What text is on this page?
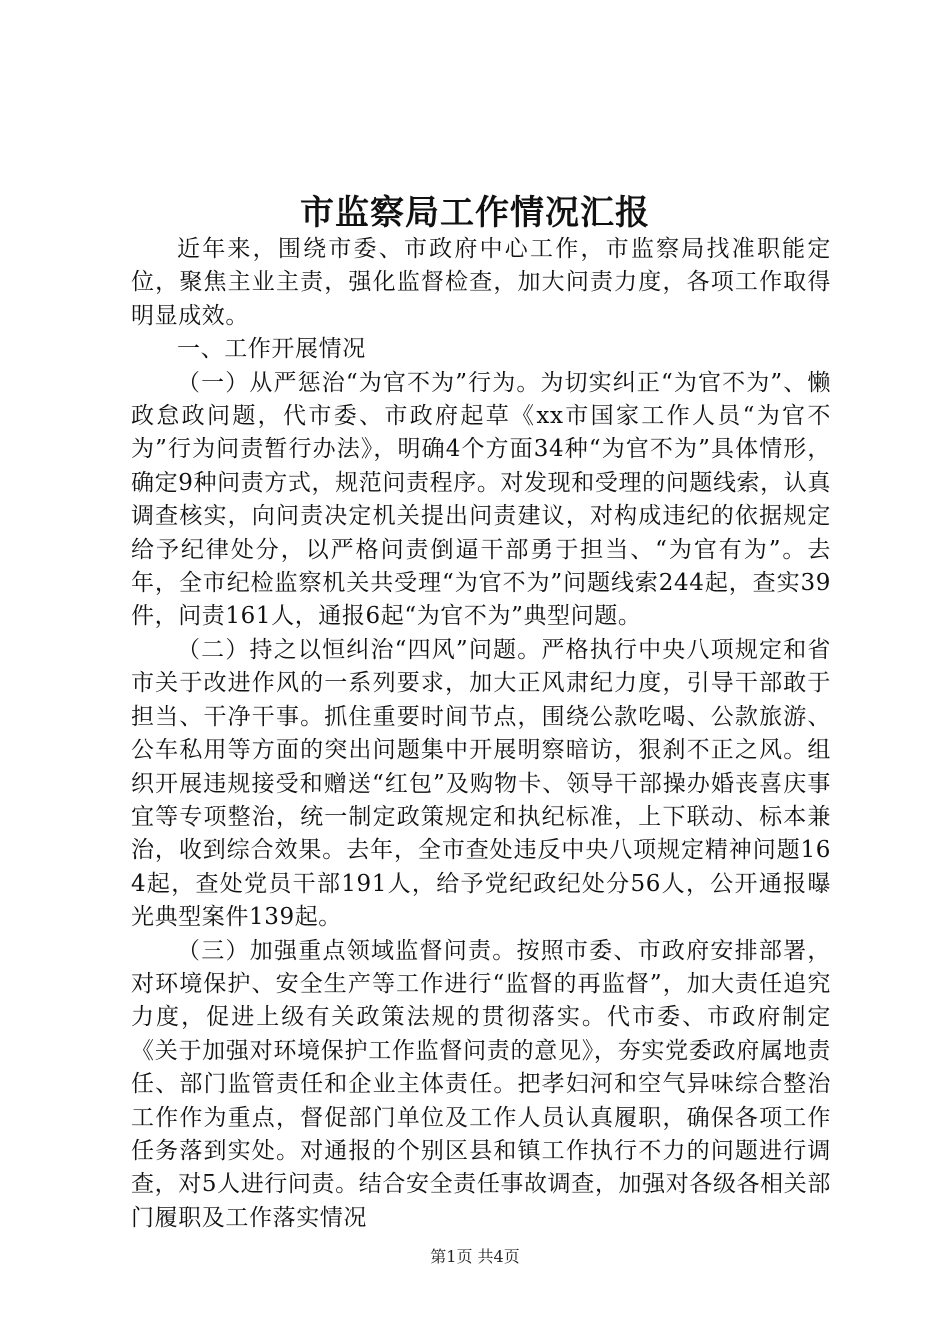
市监察局工作情况汇报

近年来，围绕市委、市政府中心工作，市监察局找准职能定位，聚焦主业主责，强化监督检查，加大问责力度，各项工作取得明显成效。

一、工作开展情况

（一）从严惩治“为官不为”行为。为切实纠正“为官不为”、懒政怠政问题，代市委、市政府起草《xx市国家工作人员“为官不为”行为问责暂行办法》，明确4个方面34种“为官不为”具体情形，确定9种问责方式，规范问责程序。对发现和受理的问题线索，认真调查核实，向问责决定机关提出问责建议，对构成违纪的依据规定给予纪律处分，以严格问责倒逼干部勇于担当、“为官有为”。去年，全市纪检监察机关共受理“为官不为”问题线索244起，查实39件，问责161人，通报6起“为官不为”典型问题。

（二）持之以恒纠治“四风”问题。严格执行中央八项规定和省市关于改进作风的一系列要求，加大正风肃纪力度，引导干部敢于担当、干净干事。抓住重要时间节点，围绕公款吃喝、公款旅游、公车私用等方面的突出问题集中开展明察暗访，狠刹不正之风。组织开展违规接受和赠送“红包”及购物卡、领导干部操办婚丧喜庆事宜等专项整治，统一制定政策规定和执纪标准，上下联动、标本兼治，收到综合效果。去年，全市查处违反中央八项规定精神问题164起，查处党员干部191人，给予党纪政纪处分56人，公开通报曝光典型案件139起。

（三）加强重点领域监督问责。按照市委、市政府安排部署，对环境保护、安全生产等工作进行“监督的再监督”，加大责任追究力度，促进上级有关政策法规的贯彻落实。代市委、市政府制定《关于加强对环境保护工作监督问责的意见》，夯实党委政府属地责任、部门监管责任和企业主体责任。把孝妇河和空气异味综合整治工作作为重点，督促部门单位及工作人员认真履职，确保各项工作任务落到实处。对通报的个别区县和镇工作执行不力的问题进行调查，对5人进行问责。结合安全责任事故调查，加强对各级各相关部门履职及工作落实情况

第1页 共4页
